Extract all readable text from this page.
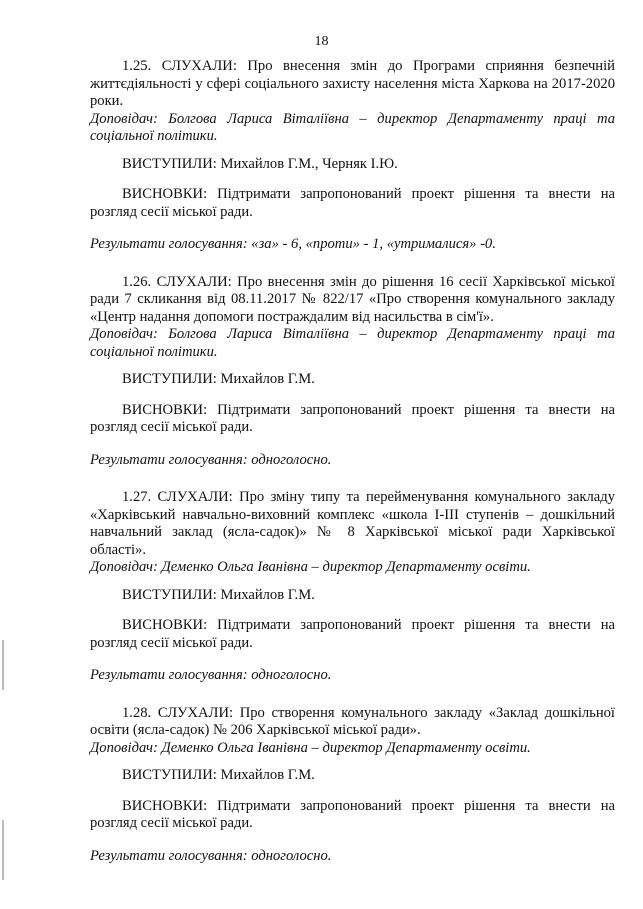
18

1.25. СЛУХАЛИ: Про внесення змін до Програми сприяння безпечній життєдіяльності у сфері соціального захисту населення міста Харкова на 2017-2020 роки.

Доповідач: Болгова Лариса Віталіївна – директор Департаменту праці та соціальної політики.

ВИСТУПИЛИ: Михайлов Г.М., Черняк І.Ю.

ВИСНОВКИ: Підтримати запропонований проект рішення та внести на розгляд сесії міської ради.

Результати голосування: «за» - 6, «проти» - 1, «утрималися» -0.

1.26. СЛУХАЛИ: Про внесення змін до рішення 16 сесії Харківської міської ради 7 скликання від 08.11.2017 № 822/17 «Про створення комунального закладу «Центр надання допомоги постраждалим від насильства в сім'ї».

Доповідач: Болгова Лариса Віталіївна – директор Департаменту праці та соціальної політики.

ВИСТУПИЛИ: Михайлов Г.М.

ВИСНОВКИ: Підтримати запропонований проект рішення та внести на розгляд сесії міської ради.

Результати голосування: одноголосно.

1.27. СЛУХАЛИ: Про зміну типу та перейменування комунального закладу «Харківський навчально-виховний комплекс «школа І-ІІІ ступенів – дошкільний навчальний заклад (ясла-садок)» № 8 Харківської міської ради Харківської області».

Доповідач: Деменко Ольга Іванівна – директор Департаменту освіти.

ВИСТУПИЛИ: Михайлов Г.М.

ВИСНОВКИ: Підтримати запропонований проект рішення та внести на розгляд сесії міської ради.

Результати голосування: одноголосно.

1.28. СЛУХАЛИ: Про створення комунального закладу «Заклад дошкільної освіти (ясла-садок) № 206 Харківської міської ради».

Доповідач: Деменко Ольга Іванівна – директор Департаменту освіти.

ВИСТУПИЛИ: Михайлов Г.М.

ВИСНОВКИ: Підтримати запропонований проект рішення та внести на розгляд сесії міської ради.

Результати голосування: одноголосно.
